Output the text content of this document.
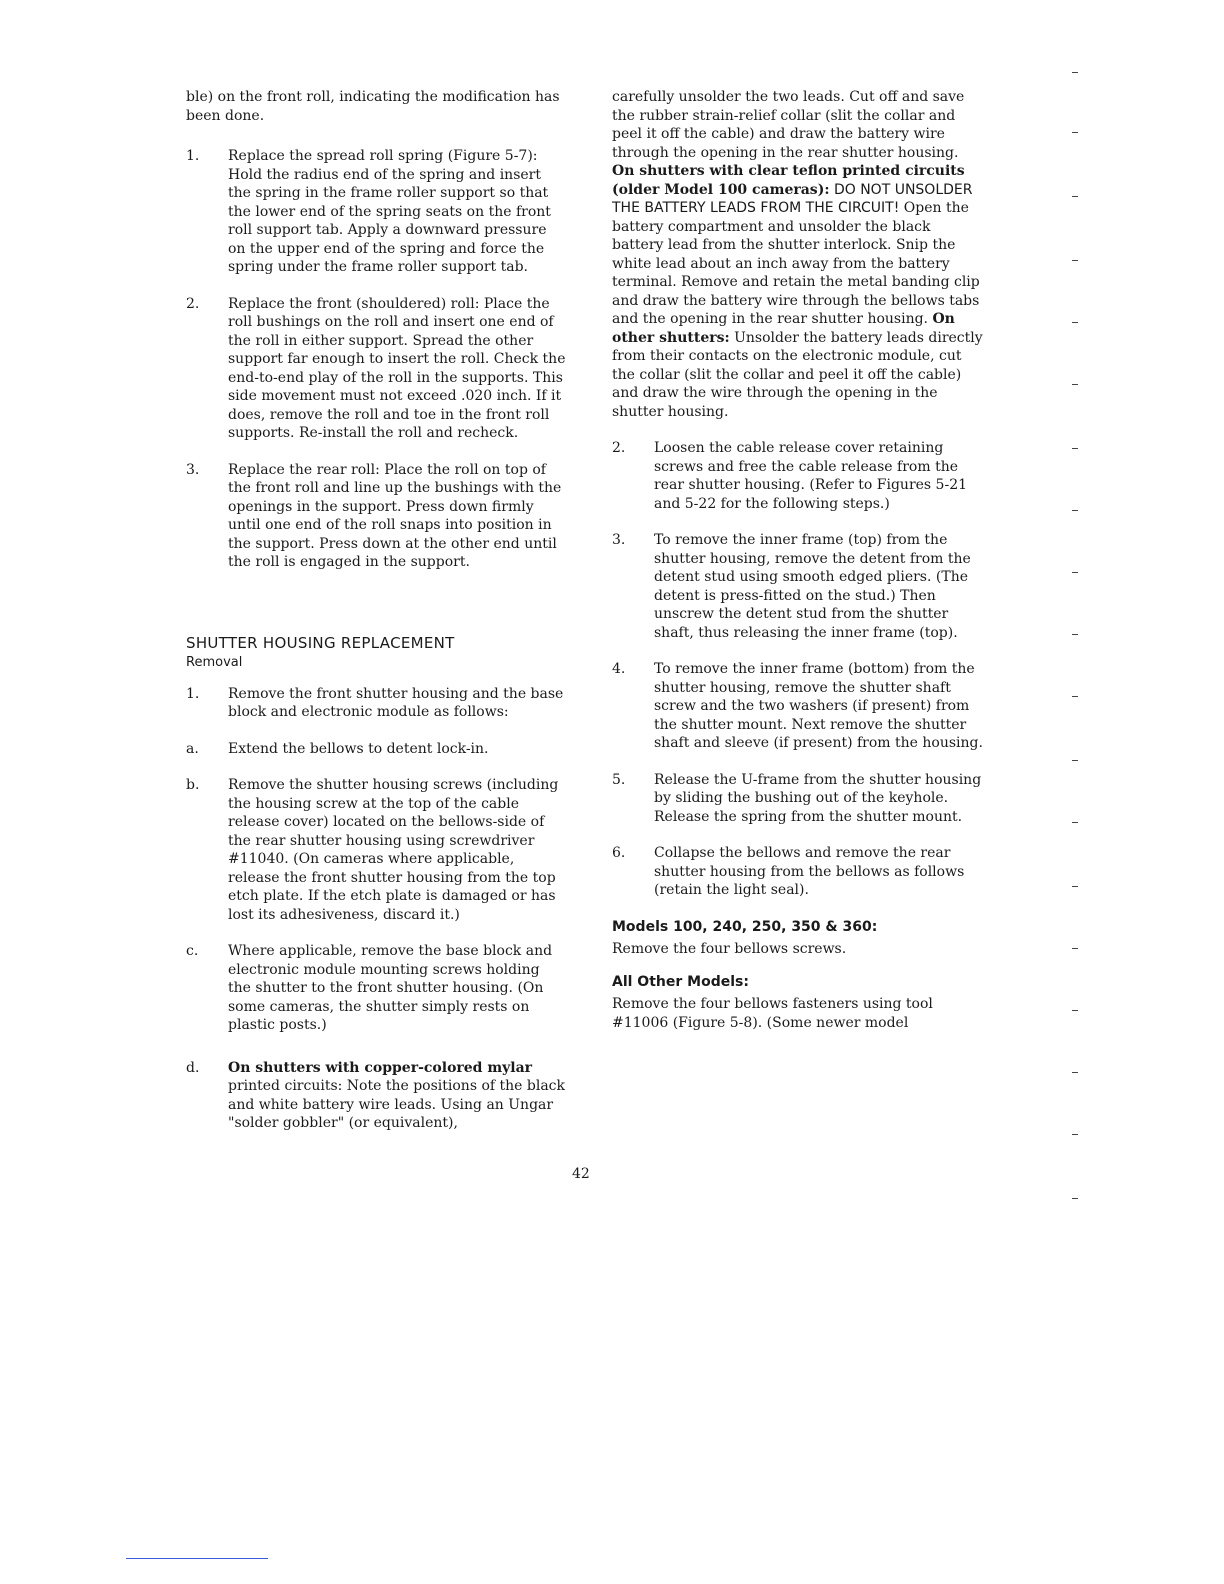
ble) on the front roll, indicating the modification has been done.

1. Replace the spread roll spring (Figure 5-7): Hold the radius end of the spring and insert the spring in the frame roller support so that the lower end of the spring seats on the front roll support tab. Apply a downward pressure on the upper end of the spring and force the spring under the frame roller support tab.
2. Replace the front (shouldered) roll: Place the roll bushings on the roll and insert one end of the roll in either support. Spread the other support far enough to insert the roll. Check the end-to-end play of the roll in the supports. This side movement must not exceed .020 inch. If it does, remove the roll and toe in the front roll supports. Re-install the roll and recheck.
3. Replace the rear roll: Place the roll on top of the front roll and line up the bushings with the openings in the support. Press down firmly until one end of the roll snaps into position in the support. Press down at the other end until the roll is engaged in the support.
SHUTTER HOUSING REPLACEMENT
Removal
1. Remove the front shutter housing and the base block and electronic module as follows:
a. Extend the bellows to detent lock-in.
b. Remove the shutter housing screws (including the housing screw at the top of the cable release cover) located on the bellows-side of the rear shutter housing using screwdriver #11040. (On cameras where applicable, release the front shutter housing from the top etch plate. If the etch plate is damaged or has lost its adhesiveness, discard it.)
c. Where applicable, remove the base block and electronic module mounting screws holding the shutter to the front shutter housing. (On some cameras, the shutter simply rests on plastic posts.)
d. On shutters with copper-colored mylar printed circuits: Note the positions of the black and white battery wire leads. Using an Ungar "solder gobbler" (or equivalent),

carefully unsolder the two leads. Cut off and save the rubber strain-relief collar (slit the collar and peel it off the cable) and draw the battery wire through the opening in the rear shutter housing. On shutters with clear teflon printed circuits (older Model 100 cameras): DO NOT UNSOLDER THE BATTERY LEADS FROM THE CIRCUIT! Open the battery compartment and unsolder the black battery lead from the shutter interlock. Snip the white lead about an inch away from the battery terminal. Remove and retain the metal banding clip and draw the battery wire through the bellows tabs and the opening in the rear shutter housing. On other shutters: Unsolder the battery leads directly from their contacts on the electronic module, cut the collar (slit the collar and peel it off the cable) and draw the wire through the opening in the shutter housing.

2. Loosen the cable release cover retaining screws and free the cable release from the rear shutter housing. (Refer to Figures 5-21 and 5-22 for the following steps.)
3. To remove the inner frame (top) from the shutter housing, remove the detent from the detent stud using smooth edged pliers. (The detent is press-fitted on the stud.) Then unscrew the detent stud from the shutter shaft, thus releasing the inner frame (top).
4. To remove the inner frame (bottom) from the shutter housing, remove the shutter shaft screw and the two washers (if present) from the shutter mount. Next remove the shutter shaft and sleeve (if present) from the housing.
5. Release the U-frame from the shutter housing by sliding the bushing out of the keyhole. Release the spring from the shutter mount.
6. Collapse the bellows and remove the rear shutter housing from the bellows as follows (retain the light seal).
Models 100, 240, 250, 350 & 360:
Remove the four bellows screws.
All Other Models:
Remove the four bellows fasteners using tool #11006 (Figure 5-8). (Some newer model
42
